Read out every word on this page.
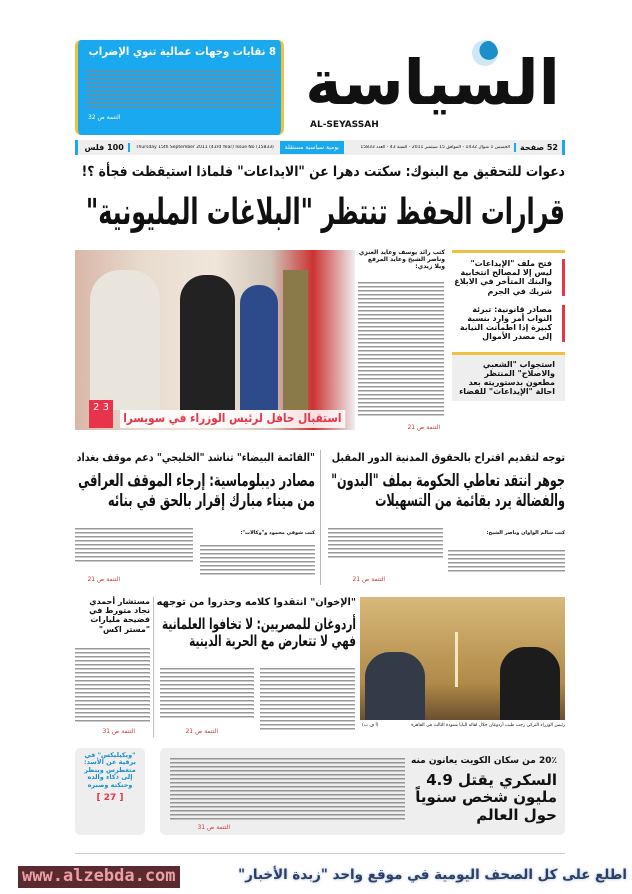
8 نقابات وجهات عمالية تنوي الإضراب
التتمة ص 32	السياسة
AL-SEYASSAH
52 صفحة
الخميس 1 شوال 1432 - الموافق 15 سبتمبر 2011 - السنة 43 - العدد 15833
يومية سياسية مستقلة
Thursday 15th September 2011 (43rd Year) Issue No (15833)
100 فلس
دعوات للتحقيق مع البنوك: سكتت دهرا عن "الايداعات" فلماذا استيقظت فجأة ؟!
قرارات الحفظ تنتظر "البلاغات المليونية"
2 3
استقبال حافل لرئيس الوزراء في سويسرا
كتب رائد يوسف وعايد العنزي وناصر الشيخ وعايد المرفع ويلا زيدي:
التتمة ص 21
فتح ملف "الإيداعات" ليس إلا لمصالح انتخابية والبنك المتأخر في الابلاغ شريك في الجرم
مصادر قانونية: تبرئة النواب أمر وارد بنسبة كبيرة إذا اطمأنت النيابة إلى مصدر الأموال
استجواب "الشعبي والاصلاح" المنتظر مطعون بدستوريته بعد احالة "الإيداعات" للقضاء
توجه لتقديم اقتراح بالحقوق المدنية الدور المقبل
جوهر انتقد تعاطي الحكومة بملف "البدون" والفضالة يرد بقائمة من التسهيلات
كتب سالم الواوان وناصر الشيخ:
التتمة ص 21
"القائمة البيضاء" تناشد "الخليجي" دعم موقف بغداد
مصادر ديبلوماسية: إرجاء الموقف العراقي من ميناء مبارك إقرار بالحق في بنائه
كتب شوقي محمود و"وكالات":
التتمة ص 21
مستشار أحمدي نجاد متورط في فضيحة مليارات "مستر اكس"
التتمة ص 31
"الإخوان" انتقدوا كلامه وحذروا من توجهه
أردوغان للمصريين: لا تخافوا العلمانية فهي لا تتعارض مع الحرية الدينية
التتمة ص 21
رئيس الوزراء التركي رجب طيب أردوغان خلال لقائه البابا شنودة الثالث في القاهرة
(أ ف ب)
"ويكيليكس" في برقية عن الأسد: متغطرس وينظر إلى ذكاء والده وحنكته وصبره
[ 27 ]
20٪ من سكان الكويت يعانون منه
السكري يقتل 4.9 مليون شخص سنوياً حول العالم
التتمة ص 31
www.alzebda.com	اطلع على كل الصحف اليومية في موقع واحد "زبدة الأخبار"
